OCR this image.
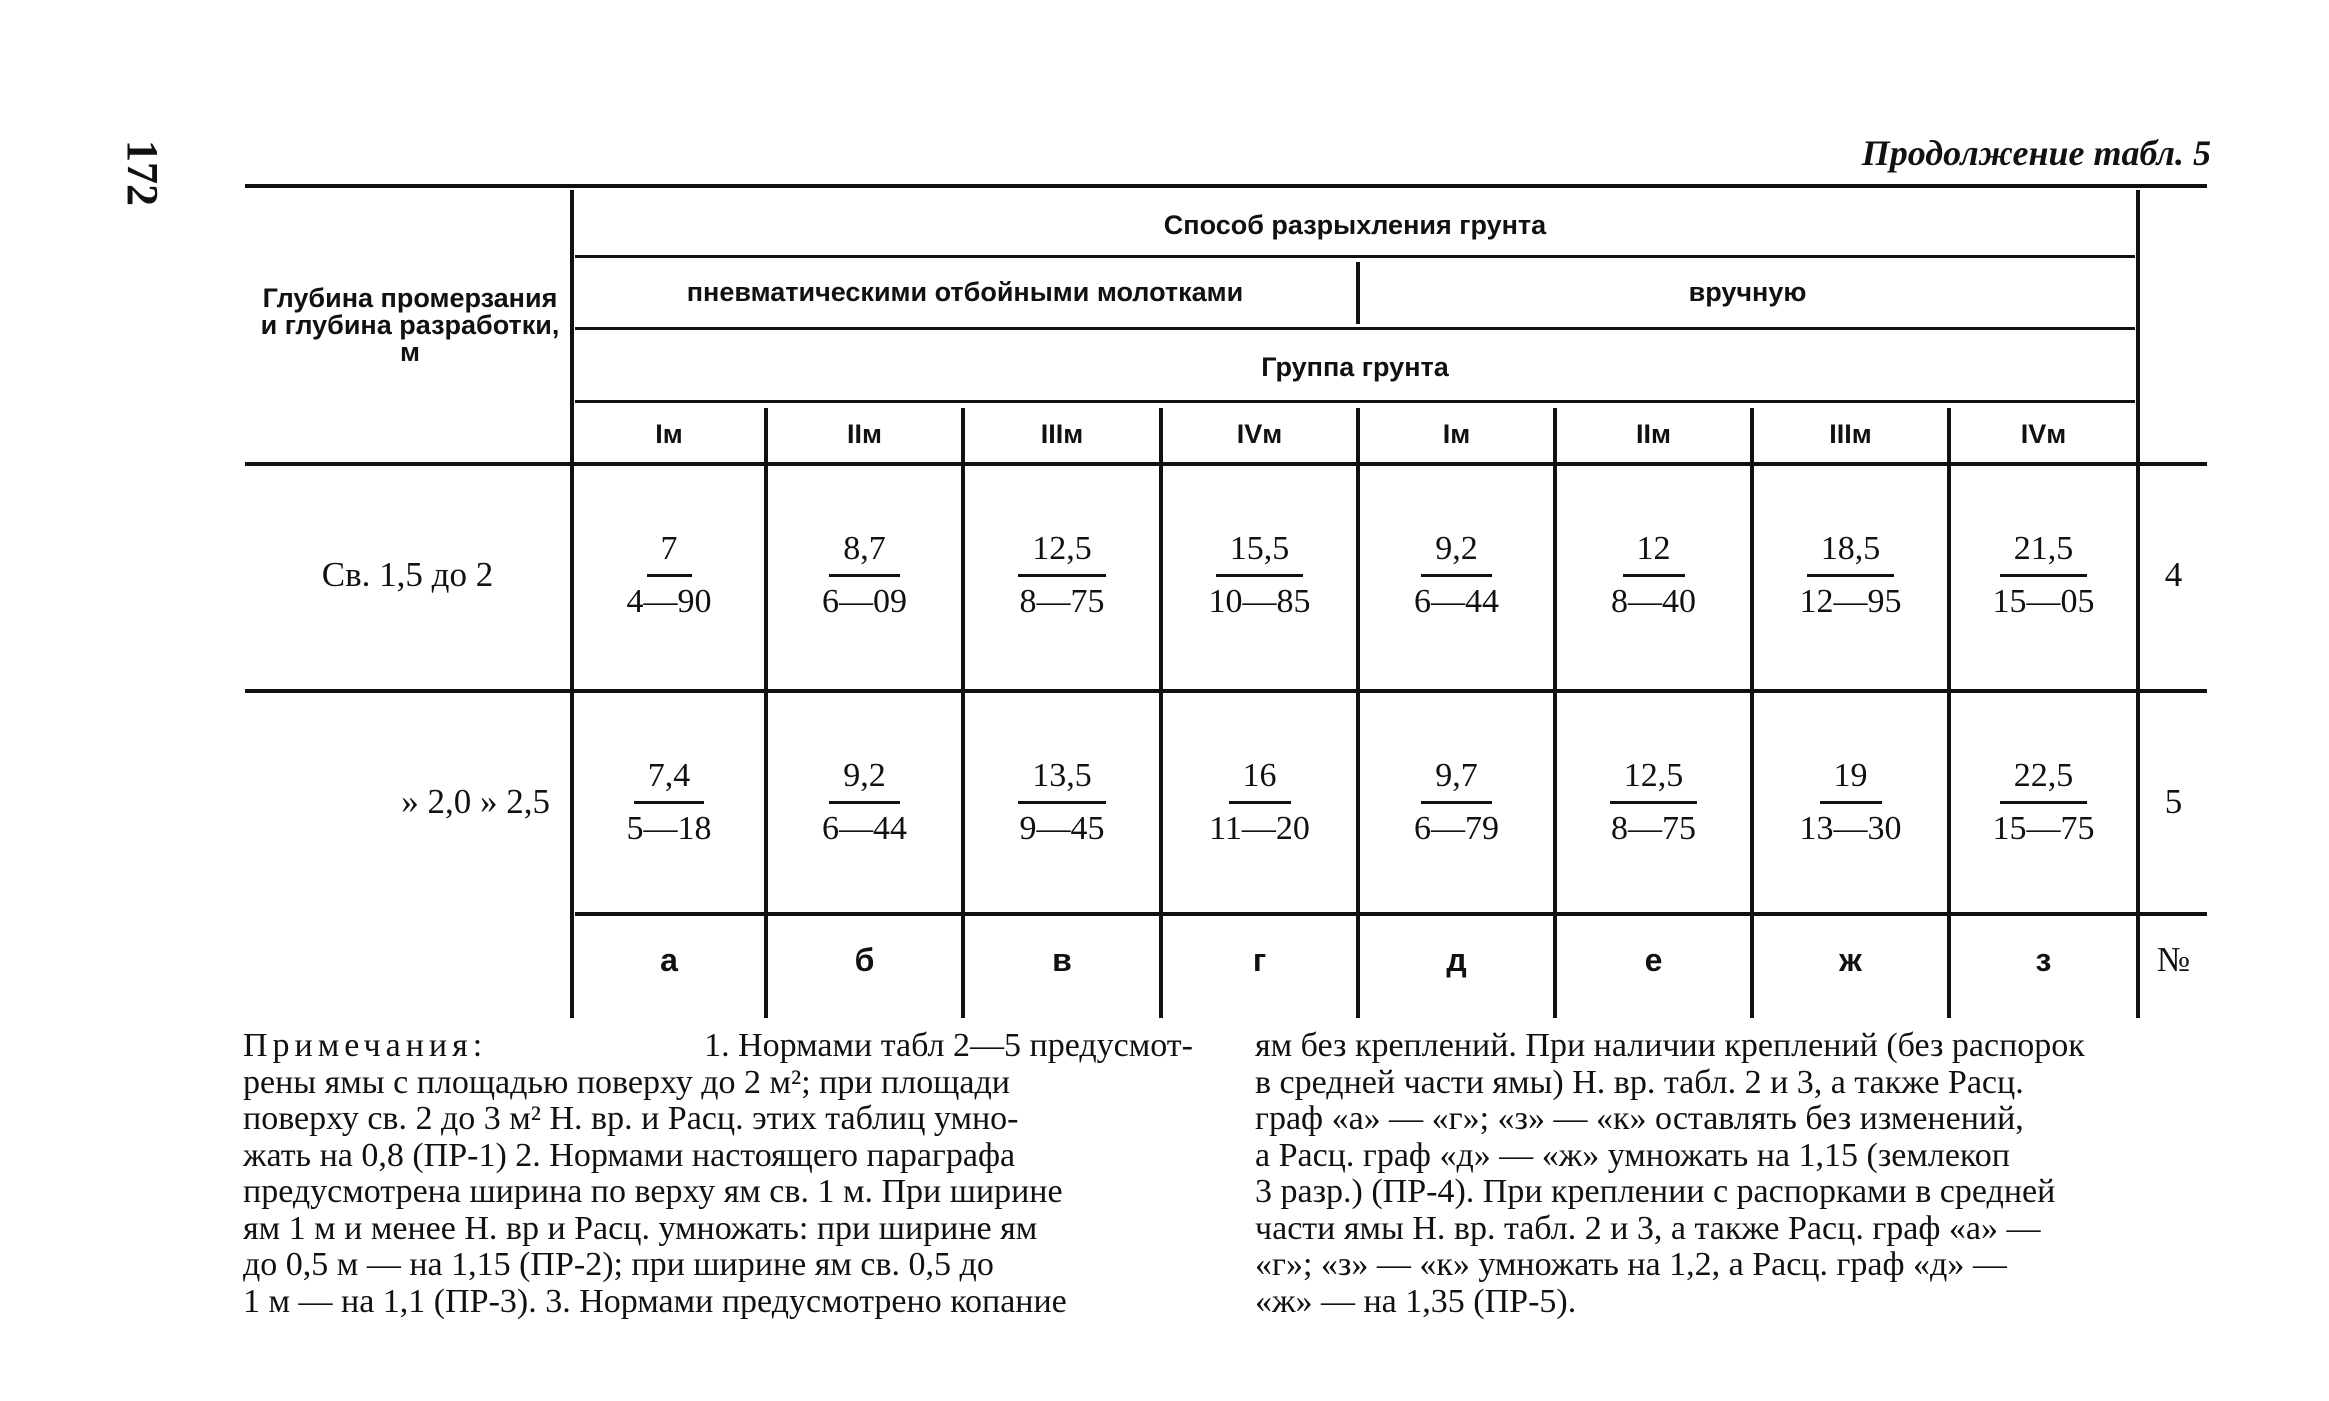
172	Продолжение табл. 5
Глубина промерзания и глубина разработки, м
Способ разрыхления грунта
пневматическими отбойными молотками	вручную
Группа грунта
Iм	IIм	IIIм	IVм	Iм	IIм	IIIм	IVм
Св. 1,5 до 2	$\frac{7}{4—90}$	$\frac{8,7}{6—09}$	$\frac{12,5}{8—75}$	$\frac{15,5}{10—85}$	$\frac{9,2}{6—44}$	$\frac{12}{8—40}$	$\frac{18,5}{12—95}$	$\frac{21,5}{15—05}$	4
» 2,0 » 2,5	$\frac{7,4}{5—18}$	$\frac{9,2}{6—44}$	$\frac{13,5}{9—45}$	$\frac{16}{11—20}$	$\frac{9,7}{6—79}$	$\frac{12,5}{8—75}$	$\frac{19}{13—30}$	$\frac{22,5}{15—75}$	5
а	б	в	г	д	е	ж	з	№
Примечания:	1. Нормами табл 2—5 предусмот-
рены ямы с площадью поверху до 2 м²; при площади
поверху св. 2 до 3 м² Н. вр. и Расц. этих таблиц умно-
жать на 0,8 (ПР-1) 2. Нормами настоящего параграфа
предусмотрена ширина по верху ям св. 1 м. При ширине
ям 1 м и менее Н. вр и Расц. умножать: при ширине ям
до 0,5 м — на 1,15 (ПР-2); при ширине ям св. 0,5 до
1 м — на 1,1 (ПР-3). 3. Нормами предусмотрено копание
ям без креплений. При наличии креплений (без распорок
в средней части ямы) Н. вр. табл. 2 и 3, а также Расц.
граф «а» — «г»; «з» — «к» оставлять без изменений,
а Расц. граф «д» — «ж» умножать на 1,15 (землекоп
3 разр.) (ПР-4). При креплении с распорками в средней
части ямы Н. вр. табл. 2 и 3, а также Расц. граф «а» —
«г»; «з» — «к» умножать на 1,2, а Расц. граф «д» —
«ж» — на 1,35 (ПР-5).
